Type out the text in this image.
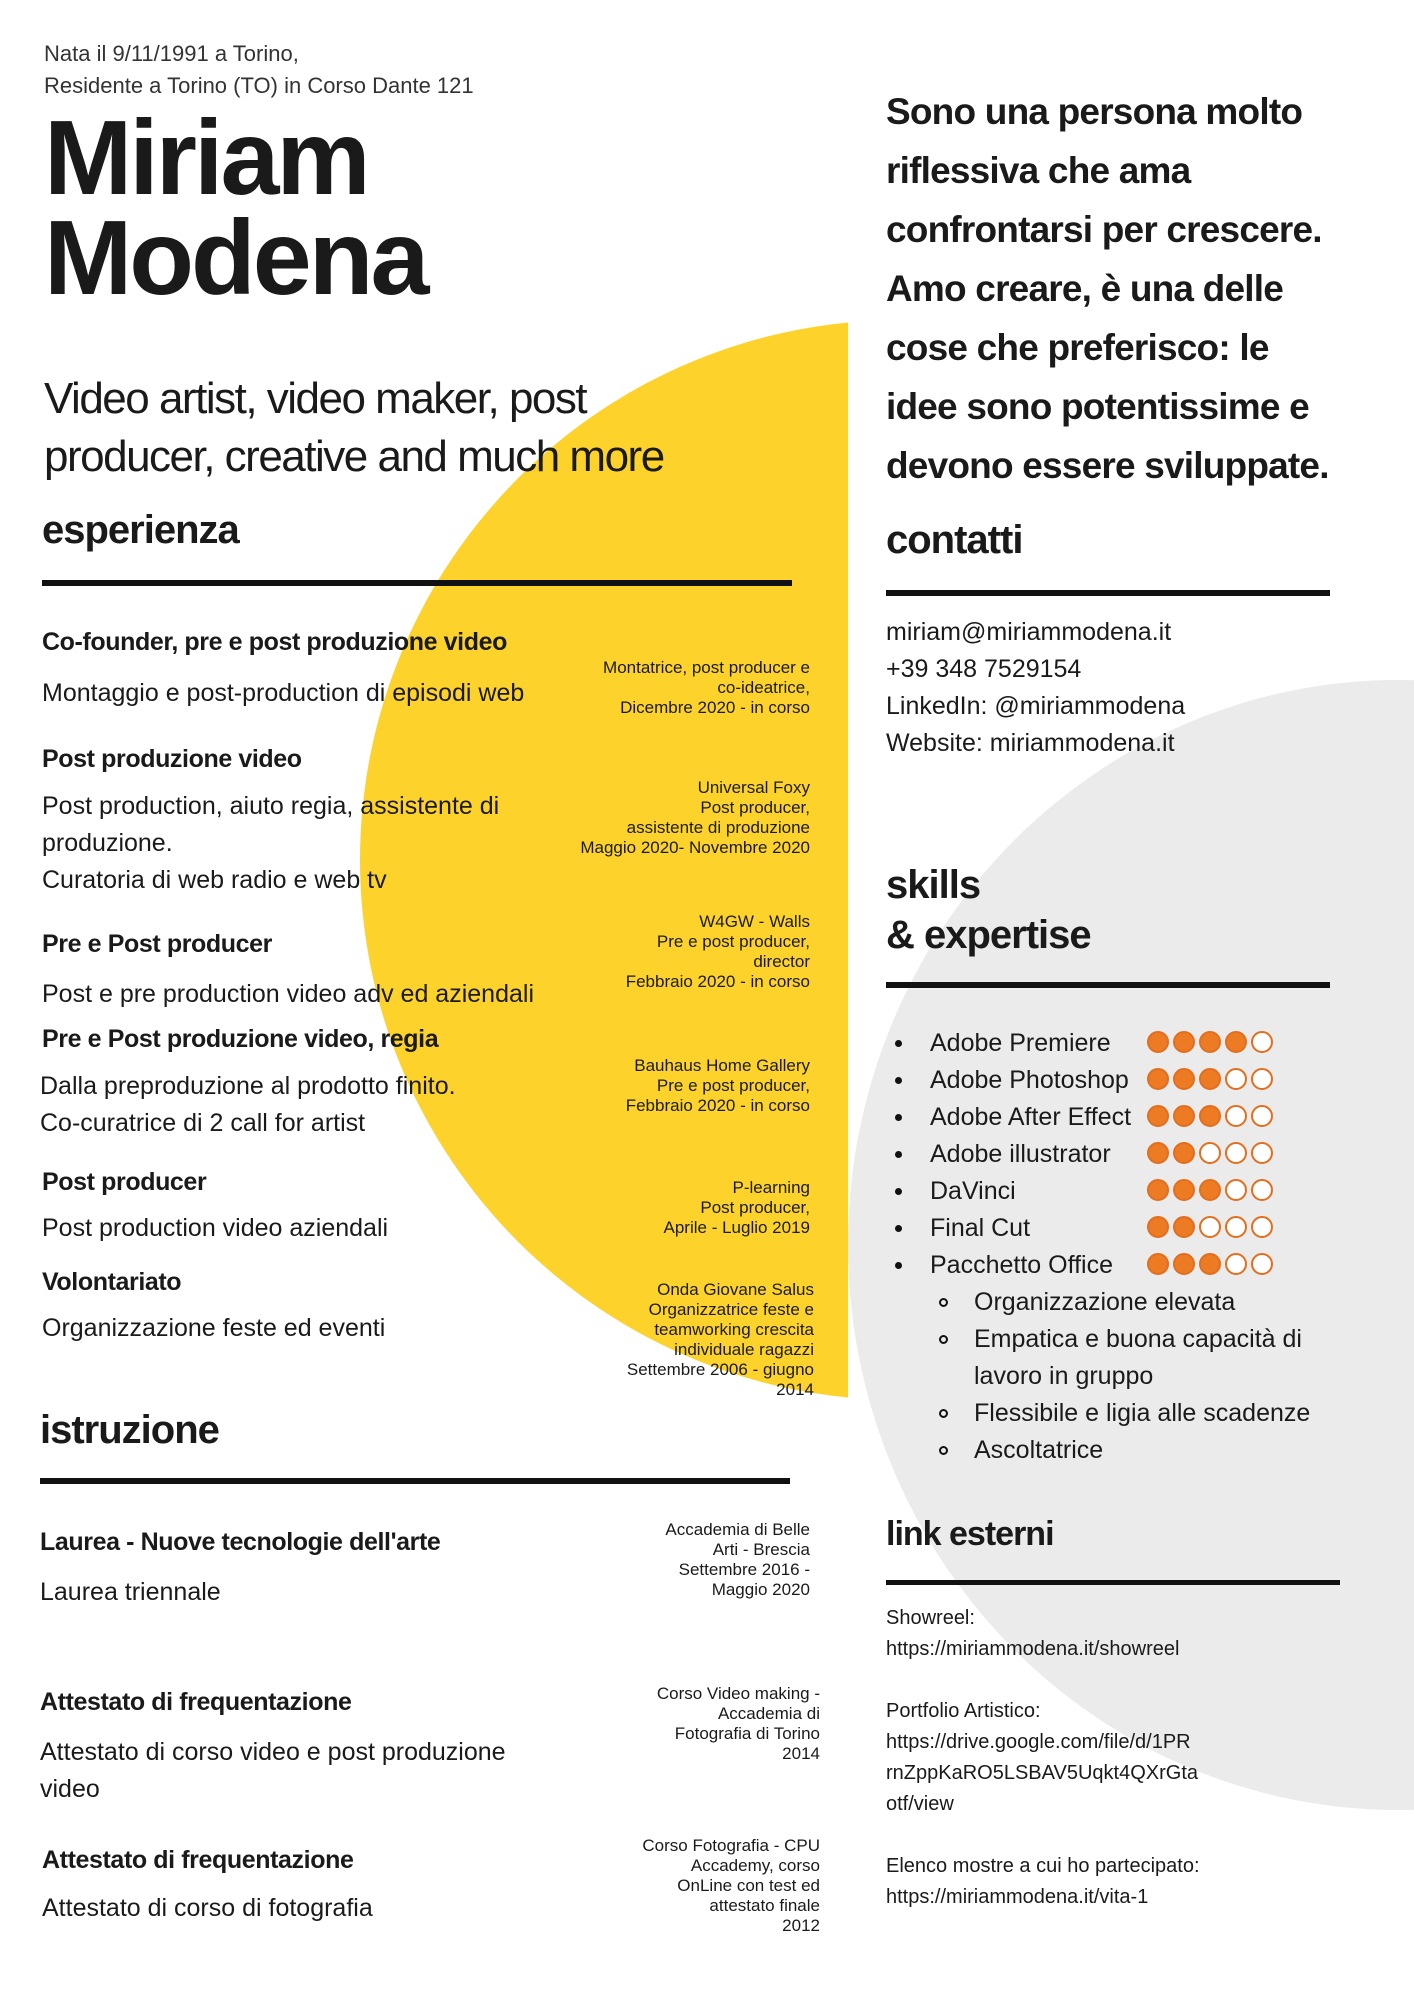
Nata il 9/11/1991 a Torino,
Residente a Torino (TO) in Corso Dante 121
Miriam
Modena
Video artist, video maker, post
producer, creative and much more
Sono una persona molto
riflessiva che ama
confrontarsi per crescere.
Amo creare, è una delle
cose che preferisco: le
idee sono potentissime e
devono essere sviluppate.
esperienza
Co-founder, pre e post produzione video
Montaggio e post-production di episodi web
Montatrice, post producer e
co-ideatrice,
Dicembre 2020 - in corso
Post produzione video
Post production, aiuto regia, assistente di
produzione.
Curatoria di web radio e web tv
Universal Foxy
Post producer,
assistente di produzione
Maggio 2020- Novembre 2020
Pre e Post producer
Post e pre production video adv ed aziendali
W4GW - Walls
Pre e post producer,
director
Febbraio 2020 - in corso
Pre e Post produzione video, regia
Dalla preproduzione al prodotto finito.
Co-curatrice di 2 call for artist
Bauhaus Home Gallery
Pre e post producer,
Febbraio 2020 - in corso
Post producer
Post production video aziendali
P-learning
Post producer,
Aprile - Luglio 2019
Volontariato
Organizzazione feste ed eventi
Onda Giovane Salus
Organizzatrice feste e
teamworking crescita
individuale ragazzi
Settembre 2006 - giugno
2014
istruzione
Laurea - Nuove tecnologie dell'arte
Laurea triennale
Accademia di Belle
Arti - Brescia
Settembre 2016 -
Maggio 2020
Attestato di frequentazione
Attestato di corso video e post produzione
video
Corso Video making -
Accademia di
Fotografia di Torino
2014
Attestato di frequentazione
Attestato di corso di fotografia
Corso Fotografia - CPU
Accademy, corso
OnLine con test ed
attestato finale
2012
contatti
miriam@miriammodena.it
+39 348 7529154
LinkedIn: @miriammodena
Website: miriammodena.it
skills
& expertise
Adobe Premiere
Adobe Photoshop
Adobe After Effect
Adobe illustrator
DaVinci
Final Cut
Pacchetto Office
Organizzazione elevata
Empatica e buona capacità di
lavoro in gruppo
Flessibile e ligia alle scadenze
Ascoltatrice
link esterni
Showreel:
https://miriammodena.it/showreel
Portfolio Artistico:
https://drive.google.com/file/d/1PR
rnZppKaRO5LSBAV5Uqkt4QXrGta
otf/view
Elenco mostre a cui ho partecipato:
https://miriammodena.it/vita-1
